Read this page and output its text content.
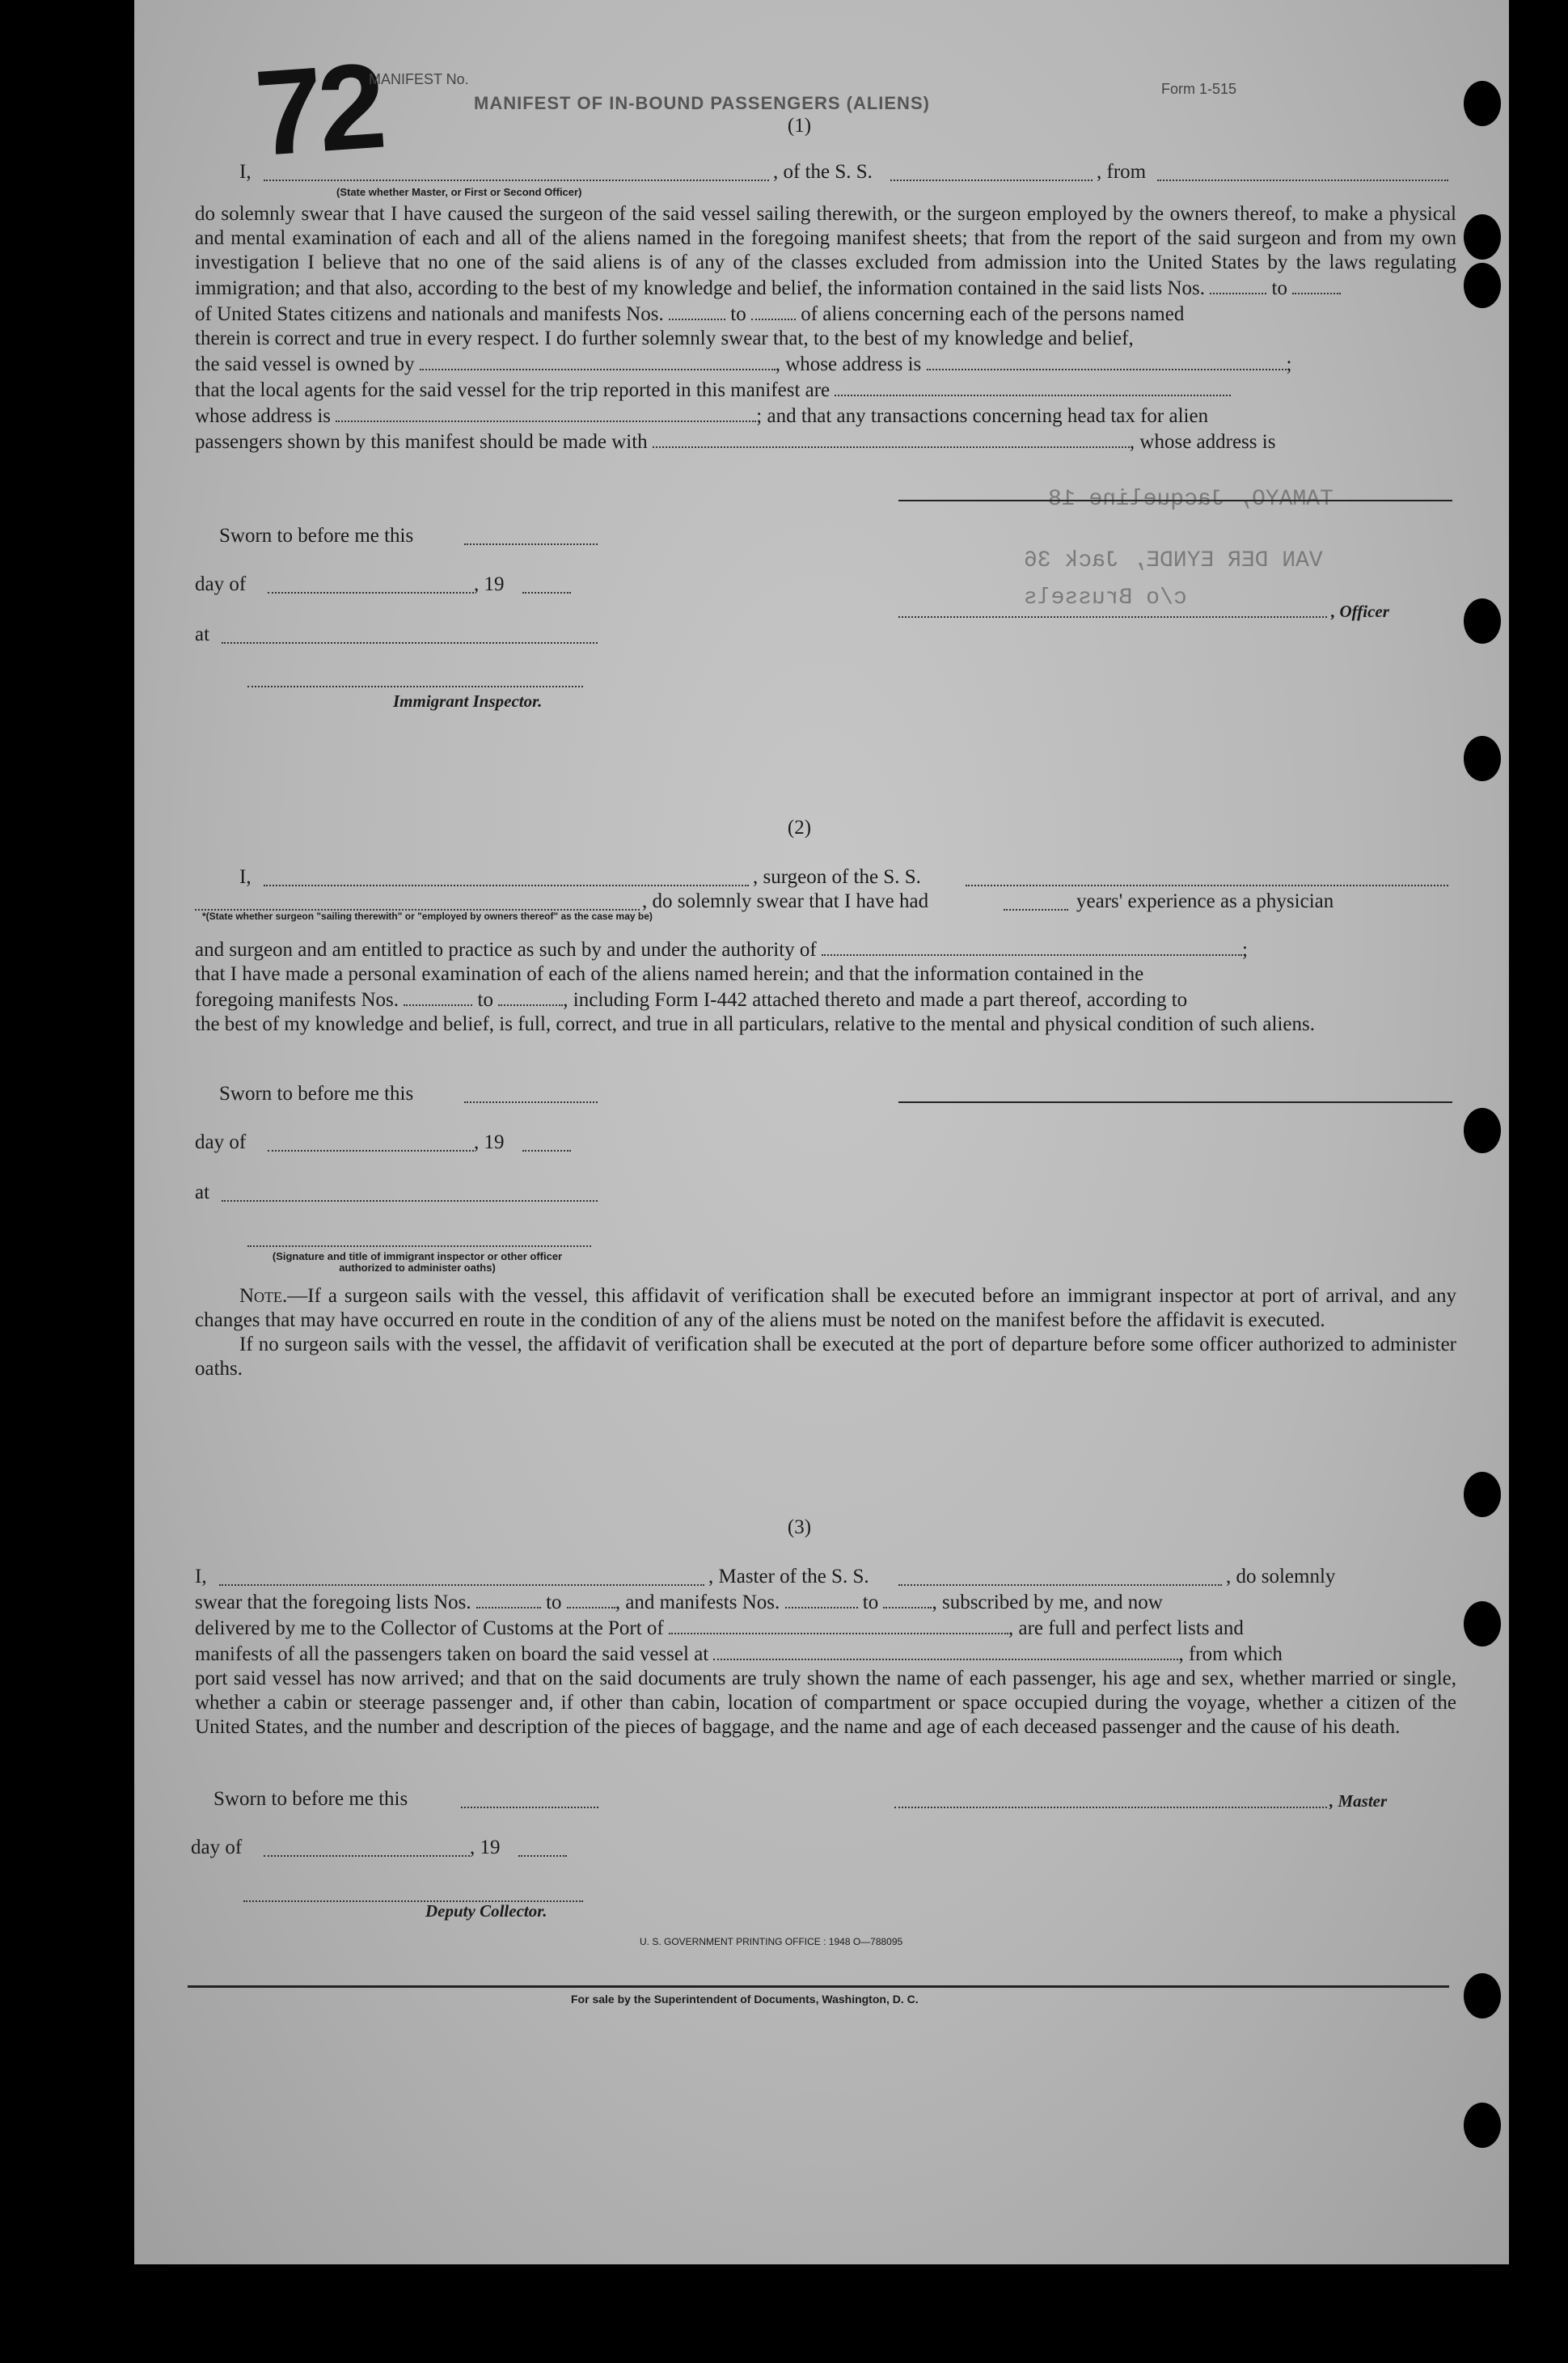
72
MANIFEST No.
MANIFEST OF IN-BOUND PASSENGERS (ALIENS)
Form 1-515
TAMAYO, Jacqueline 18
VAN DER EYNDE, Jack 36
c/o Brussels
(1)
I,	, of the S. S.	, from
(State whether Master, or First or Second Officer)

do solemnly swear that I have caused the surgeon of the said vessel sailing therewith, or the surgeon employed by the owners thereof, to make a physical and mental examination of each and all of the aliens named in the foregoing manifest sheets; that from the report of the said surgeon and from my own investigation I believe that no one of the said aliens is of any of the classes excluded from admission into the United States by the laws regulating immigration; and that also, according to the best of my knowledge and belief, the information contained in the said lists Nos.	to

of United States citizens and nationals and manifests Nos.	to	of aliens concerning each of the persons named

therein is correct and true in every respect. I do further solemnly swear that, to the best of my knowledge and belief,

the said vessel is owned by	, whose address is	;

that the local agents for the said vessel for the trip reported in this manifest are

whose address is	; and that any transactions concerning head tax for alien

passengers shown by this manifest should be made with	, whose address is

Sworn to before me this
day of	, 19
, Officer
at
Immigrant Inspector.
(2)
I,	, surgeon of the S. S.
, do solemnly swear that I have had	years' experience as a physician
*(State whether surgeon "sailing therewith" or "employed by owners thereof" as the case may be)

and surgeon and am entitled to practice as such by and under the authority of	;

that I have made a personal examination of each of the aliens named herein; and that the information contained in the

foregoing manifests Nos.	to	, including Form I-442 attached thereto and made a part thereof, according to

the best of my knowledge and belief, is full, correct, and true in all particulars, relative to the mental and physical condition of such aliens.

Sworn to before me this
day of	, 19
at
(Signature and title of immigrant inspector or other officer authorized to administer oaths)

Note.—If a surgeon sails with the vessel, this affidavit of verification shall be executed before an immigrant inspector at port of arrival, and any changes that may have occurred en route in the condition of any of the aliens must be noted on the manifest before the affidavit is executed.

If no surgeon sails with the vessel, the affidavit of verification shall be executed at the port of departure before some officer authorized to administer oaths.

(3)
I,	, Master of the S. S.	, do solemnly

swear that the foregoing lists Nos.	to	, and manifests Nos.	to	, subscribed by me, and now

delivered by me to the Collector of Customs at the Port of	, are full and perfect lists and

manifests of all the passengers taken on board the said vessel at	, from which

port said vessel has now arrived; and that on the said documents are truly shown the name of each passenger, his age and sex, whether married or single, whether a cabin or steerage passenger and, if other than cabin, location of compartment or space occupied during the voyage, whether a citizen of the United States, and the number and description of the pieces of baggage, and the name and age of each deceased passenger and the cause of his death.

Sworn to before me this	, Master
day of	, 19
Deputy Collector.
U. S. GOVERNMENT PRINTING OFFICE : 1948 O—788095
For sale by the Superintendent of Documents, Washington, D. C.
